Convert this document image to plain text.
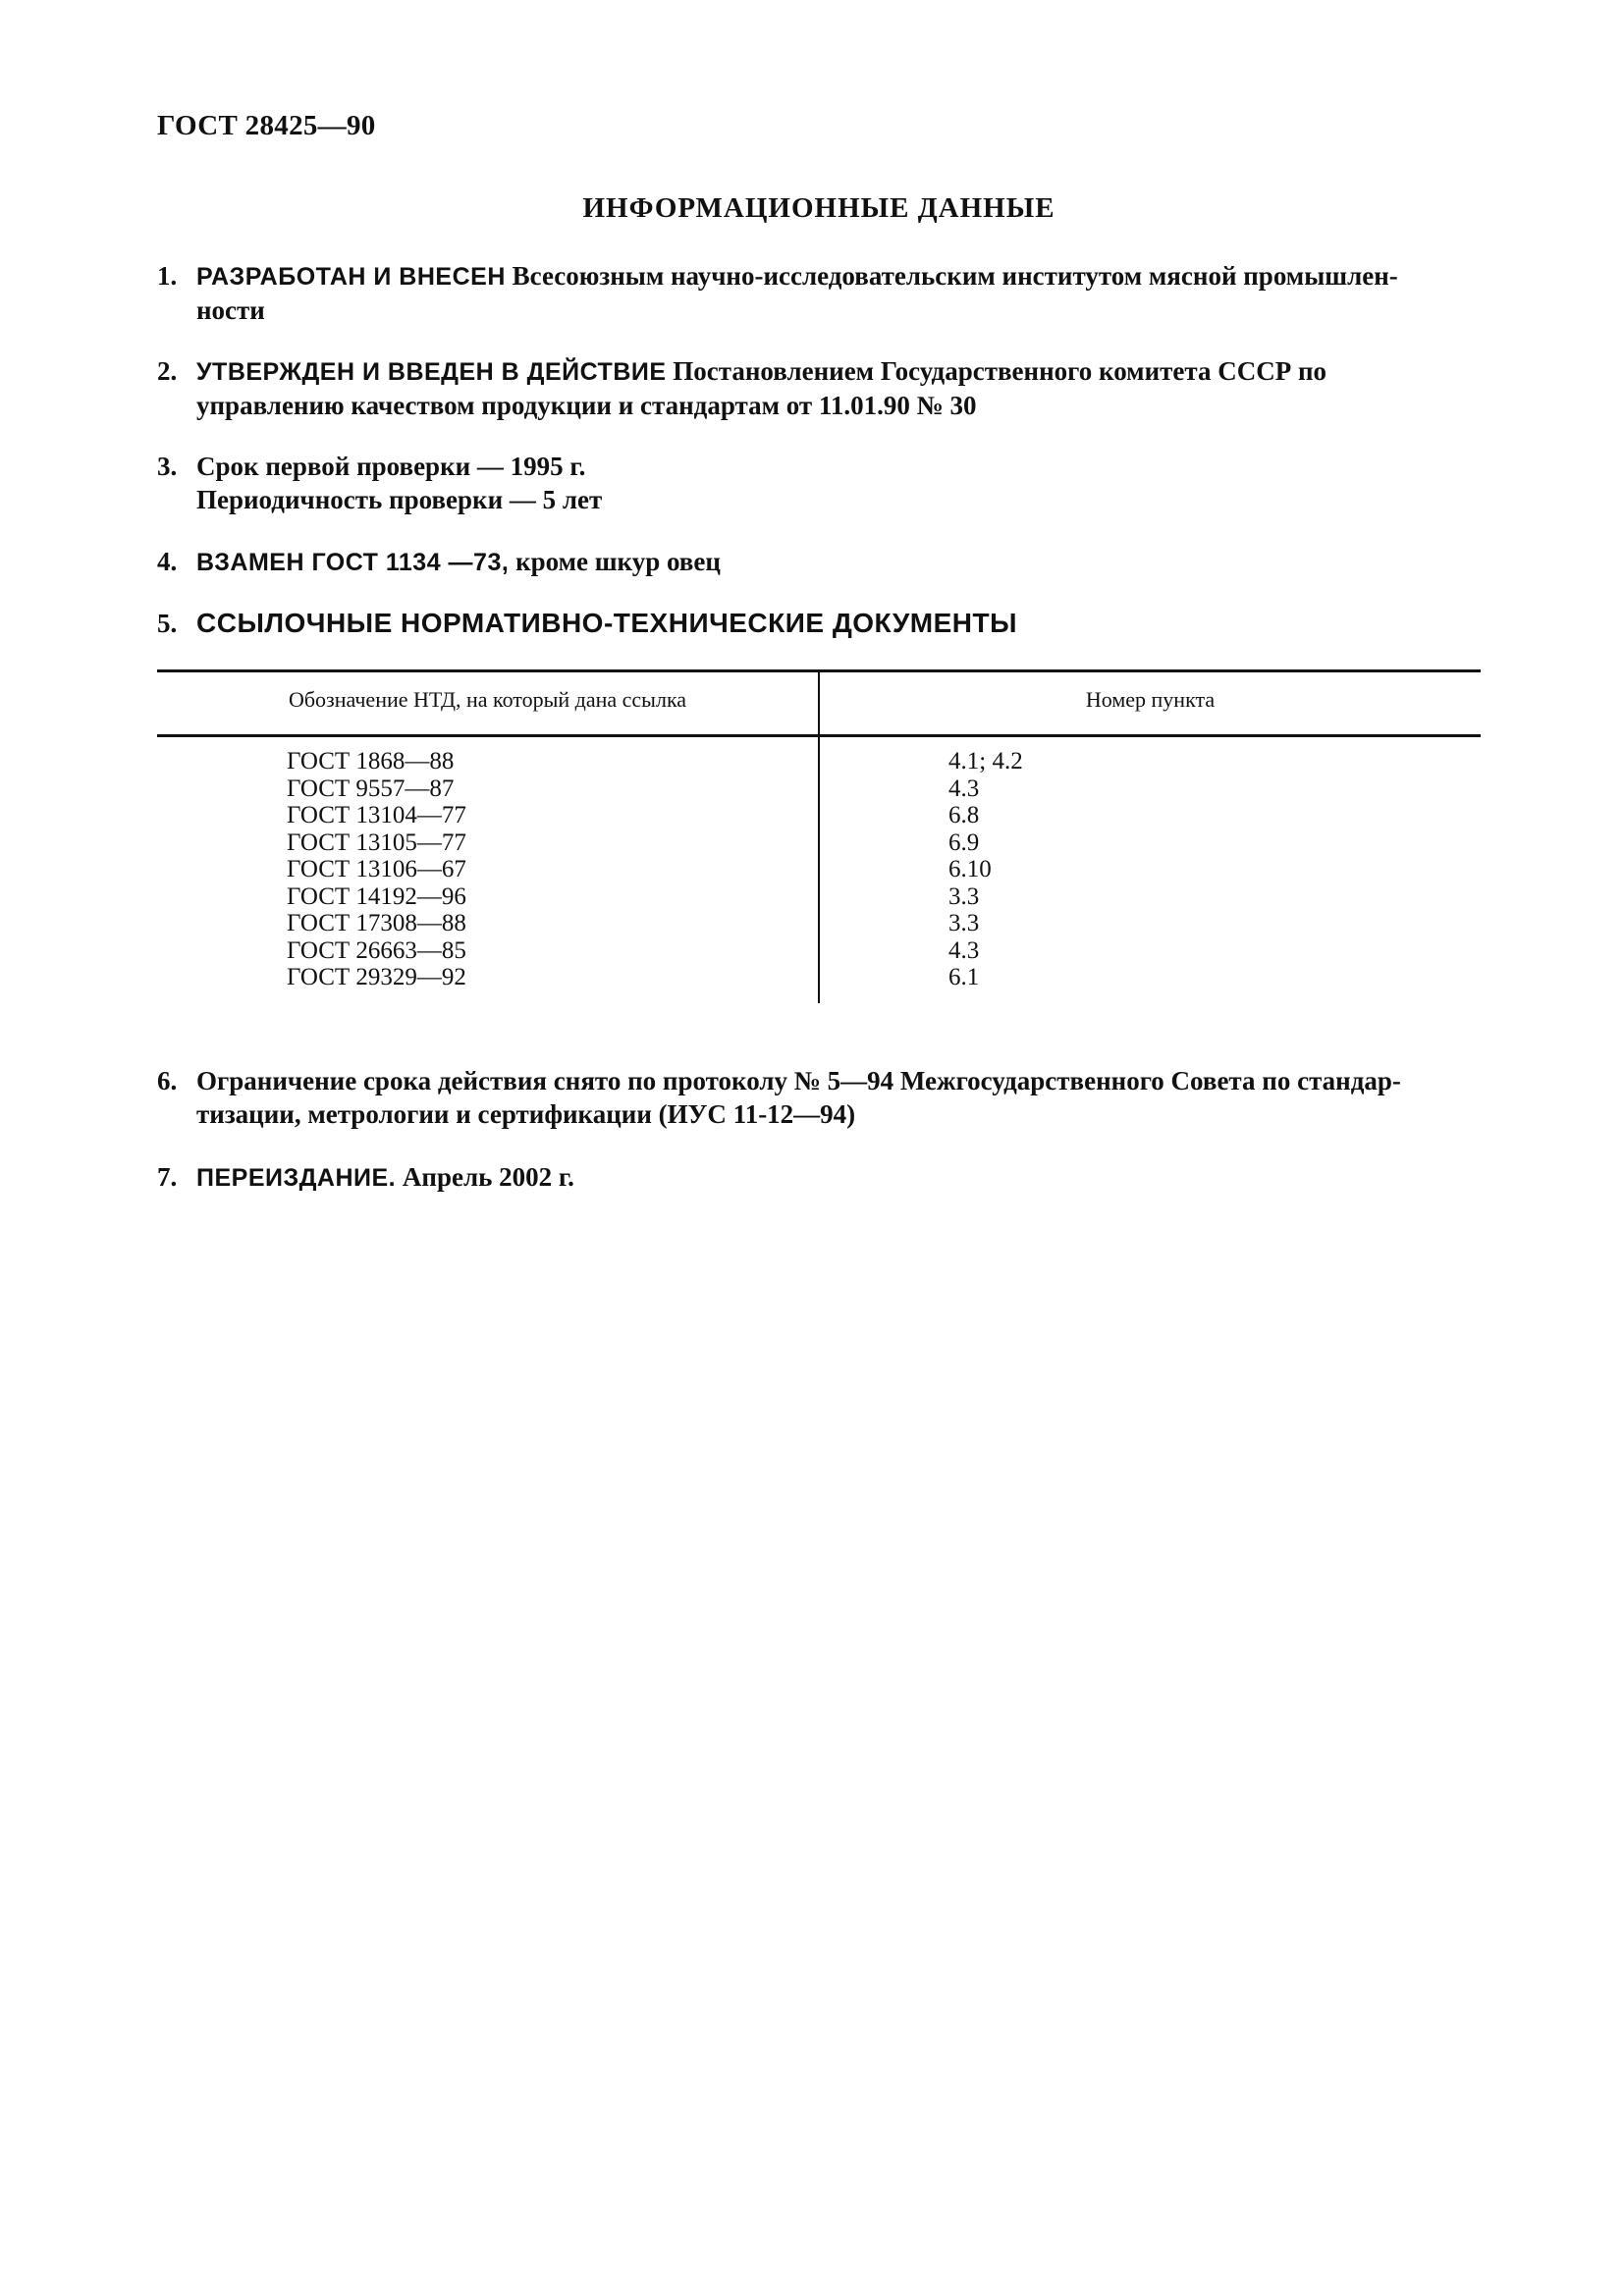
ГОСТ 28425—90
ИНФОРМАЦИОННЫЕ ДАННЫЕ
1. РАЗРАБОТАН И ВНЕСЕН Всесоюзным научно-исследовательским институтом мясной промышлен-
ности
2. УТВЕРЖДЕН И ВВЕДЕН В ДЕЙСТВИЕ Постановлением Государственного комитета СССР по
управлению качеством продукции и стандартам от 11.01.90 № 30
3. Срок первой проверки — 1995 г.
Периодичность проверки — 5 лет
4. ВЗАМЕН ГОСТ 1134 —73, кроме шкур овец
5. ССЫЛОЧНЫЕ НОРМАТИВНО-ТЕХНИЧЕСКИЕ ДОКУМЕНТЫ
Обозначение НТД, на который дана ссылка	Номер пункта
ГОСТ 1868—88
ГОСТ 9557—87
ГОСТ 13104—77
ГОСТ 13105—77
ГОСТ 13106—67
ГОСТ 14192—96
ГОСТ 17308—88
ГОСТ 26663—85
ГОСТ 29329—92
4.1; 4.2
4.3
6.8
6.9
6.10
3.3
3.3
4.3
6.1
6. Ограничение срока действия снято по протоколу № 5—94 Межгосударственного Совета по стандар-
тизации, метрологии и сертификации (ИУС 11-12—94)
7. ПЕРЕИЗДАНИЕ. Апрель 2002 г.
